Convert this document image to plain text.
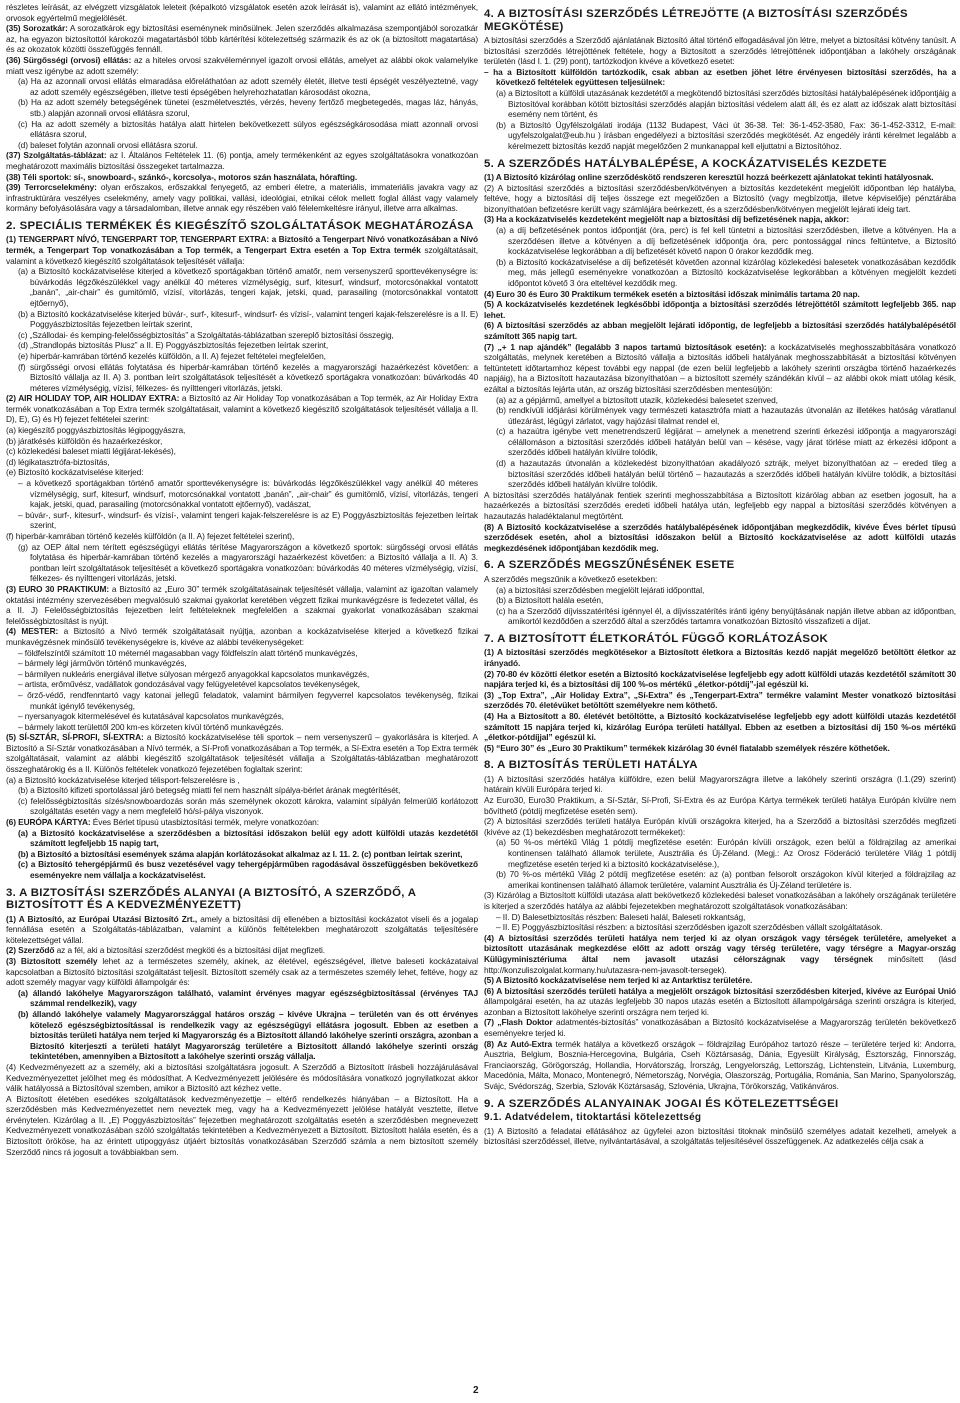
részletes leírását, az elvégzett vizsgálatok leleteit (képalkotó vizsgálatok esetén azok leírását is), valamint az ellátó intézmények, orvosok egyértelmű megjelölését.

(35) Sorozatkár: A sorozatkárok egy biztosítási eseménynek minősülnek. Jelen szerződés alkalmazása szempontjából sorozatkár az, ha egyazon biztosítottól károkozói magatartásból több kártérítési kötelezettség származik és az ok (a biztosított magatartása) és az okozatok közötti összefüggés fennáll.

(36) Sürgősségi (orvosi) ellátás: az a hiteles orvosi szakvéleménnyel igazolt orvosi ellátás, amelyet az alábbi okok valamelyike miatt vesz igénybe az adott személy:

(a) Ha az azonnali orvosi ellátás elmaradása előreláthatóan az adott személy életét, illetve testi épségét veszélyeztetné, vagy az adott személy egészségében, illetve testi épségében helyrehozhatatlan károsodást okozna,

(b) Ha az adott személy betegségének tünetei (eszméletvesztés, vérzés, heveny fertőző megbetegedés, magas láz, hányás, stb.) alapján azonnali orvosi ellátásra szorul,

(c) Ha az adott személy a biztosítás hatálya alatt hirtelen bekövetkezett súlyos egészségkárosodása miatt azonnali orvosi ellátásra szorul,

(d) baleset folytán azonnali orvosi ellátásra szorul.

(37) Szolgáltatás-táblázat: az I. Általános Feltételek 11. (6) pontja, amely termékenként az egyes szolgáltatásokra vonatkozóan meghatározott maximális biztosítási összegeket tartalmazza.

(38) Téli sportok: sí-, snowboard-, szánkó-, korcsolya-, motoros szán használata, hórafting.

(39) Terrorcselekmény: olyan erőszakos, erőszakkal fenyegető, az emberi életre, a materiális, immateriális javakra vagy az infrastruktúrára veszélyes cselekmény, amely vagy politikai, vallási, ideológiai, etnikai célok mellett foglal állást vagy valamely kormány befolyásolására vagy a társadalomban, illetve annak egy részében való félelemkeltésre irányul, illetve arra alkalmas.

2. SPECIÁLIS TERMÉKEK ÉS KIEGÉSZÍTŐ SZOLGÁLTATÁSOK MEGHATÁROZÁSA

(1) TENGERPART NÍVÓ, TENGERPART TOP, TENGERPART EXTRA: a Biztosító a Tengerpart Nívó vonatkozásában a Nívó termék, a Tengerpart Top vonatkozásában a Top termék, a Tengerpart Extra esetén a Top Extra termék szolgáltatásait, valamint a következő kiegészítő szolgáltatások teljesítését vállalja:

(a) a Biztosító kockázatviselése kiterjed a következő sportágakban történő amatőr, nem versenyszerű sporttevékenységre is: búvárkodás légzőkészülékkel vagy anélkül 40 méteres vízmélységig, surf, kitesurf, windsurf, motorcsónakkal vontatott „banán”, „air-chair” és gumitömlő, vízisí, vitorlázás, tengeri kajak, jetski, quad, parasailing (motorcsónakkal vontatott ejtőernyő),

(b) a Biztosító kockázatviselése kiterjed búvár-, surf-, kitesurf-, windsurf- és vízisí-, valamint tengeri kajak-felszerelésre is a II. E) Poggyászbiztosítás fejezetben leírtak szerint,

(c) „Szállodai- és kemping-felelősségbiztosítás” a Szolgáltatás-táblázatban szereplő biztosítási összegig,

(d) „Strandlopás biztosítás Plusz” a II. E) Poggyászbiztosítás fejezetben leírtak szerint,

(e) hiperbár-kamrában történő kezelés külföldön, a II. A) fejezet feltételei megfelelően,

(f) sürgősségi orvosi ellátás folytatása és hiperbár-kamrában történő kezelés a magyarországi hazaérkezést követően: a Biztosító vállalja az II. A) 3. pontban leírt szolgáltatások teljesítését a következő sportágakra vonatkozóan: búvárkodás 40 méteres vízmélységig, vízisí, félkezes- és nyílttengeri vitorlázás, jetski.

(2) AIR HOLIDAY TOP, AIR HOLIDAY EXTRA: a Biztosító az Air Holiday Top vonatkozásában a Top termék, az Air Holiday Extra termék vonatkozásában a Top Extra termék szolgáltatásait, valamint a következő kiegészítő szolgáltatások teljesítését vállalja a II. D), E), G) és H) fejezet feltételei szerint:

(a) kiegészítő poggyászbiztosítás légipoggyászra,

(b) járatkésés külföldön és hazaérkezéskor,

(c) közlekedési baleset miatti légijárat-lekésés),

(d) légikatasztrófa-biztosítás,

(e) Biztosító kockázatviselése kiterjed:

– a következő sportágakban történő amatőr sporttevékenységre is: búvárkodás légzőkészülékkel vagy anélkül 40 méteres vízmélységig, surf, kitesurf, windsurf, motorcsónakkal vontatott „banán”, „air-chair” és gumitömlő, vízisí, vitorlázás, tengeri kajak, jetski, quad, parasailing (motorcsónakkal vontatott ejtőernyő), vadászat,

– búvár-, surf-, kitesurf-, windsurf- és vízisí-, valamint tengeri kajak-felszerelésre is az E) Poggyászbiztosítás fejezetben leírtak szerint,

(f) hiperbár-kamrában történő kezelés külföldön (a II. A) fejezet feltételei szerint),

(g) az OEP által nem térített egészségügyi ellátás térítése Magyarországon a következő sportok: sürgősségi orvosi ellátás folytatása és hiperbár-kamrában történő kezelés a magyarországi hazaérkezést követően: a Biztosító vállalja a II. A) 3. pontban leírt szolgáltatások teljesítését a következő sportágakra vonatkozóan: búvárkodás 40 méteres vízmélységig, vízisí, félkezes- és nyílttengeri vitorlázás, jetski.

(3) EURO 30 PRAKTIKUM: a Biztosító az „Euro 30” termék szolgáltatásainak teljesítését vállalja, valamint az igazoltan valamely oktatási intézmény szervezésében megvalósuló szakmai gyakorlat keretében végzett fizikai munkavégzésre is fedezetet vállal, és a II. J) Felelősségbiztosítás fejezetben leírt feltételeknek megfelelően a szakmai gyakorlat vonatkozásában szakmai felelősségbiztosítást is nyújt.

(4) MESTER: a Biztosító a Nívó termék szolgáltatásait nyújtja, azonban a kockázatviselése kiterjed a következő fizikai munkavégzésnek minősülő tevékenységekre is, kivéve az alábbi tevékenységeket:

– földfelszíntől számított 10 méternél magasabban vagy földfelszín alatt történő munkavégzés,

– bármely légi járművön történő munkavégzés,

– bármilyen nukleáris energiával illetve súlyosan mérgező anyagokkal kapcsolatos munkavégzés,

– artista, erőművész, vadállatok gondozásával vagy felügyeletével kapcsolatos tevékenységek,

– őrző-védő, rendfenntartó vagy katonai jellegű feladatok, valamint bármilyen fegyverrel kapcsolatos tevékenység, fizikai munkát igénylő tevékenység,

– nyersanyagok kitermelésével és kutatásával kapcsolatos munkavégzés,

– bármely lakott területtől 200 km-es körzeten kívül történő munkavégzés.

(5) SÍ-SZTÁR, SÍ-PROFI, SÍ-EXTRA: a Biztosító kockázatviselése téli sportok – nem versenyszerű – gyakorlására is kiterjed. A Biztosító a Sí-Sztár vonatkozásában a Nívó termék, a Sí-Profi vonatkozásában a Top termék, a Sí-Extra esetén a Top Extra termék szolgáltatásait, valamint az alábbi kiegészítő szolgáltatások teljesítését vállalja a Szolgáltatás-táblázatban meghatározott összeghatárokig és a II. Különös feltételek vonatkozó fejezetében foglaltak szerint:

(a) a Biztosító kockázatviselése kiterjed télisport-felszerelésre is ,

(b) a Biztosító kifizeti sportolással járó betegség miatti fel nem használt sípálya-bérlet árának megtérítését,

(c) felelősségbiztosítás sízés/snowboardozás során más személynek okozott károkra, valamint sípályán felmerülő korlátozott szolgáltatás esetén vagy a nem megfelelő hó/sí-pálya viszonyok.

(6) EURÓPA KÁRTYA: Éves Bérlet típusú utasbiztosítási termék, melyre vonatkozóan:

(a) a Biztosító kockázatviselése a szerződésben a biztosítási időszakon belül egy adott külföldi utazás kezdetétől számított legfeljebb 15 napig tart,

(b) a Biztosító a biztosítási események száma alapján korlátozásokat alkalmaz az I. 11. 2. (c) pontban leírtak szerint,

(c) a Biztosító tehergépjármű és busz vezetésével vagy tehergépjárműben ragodásával összefüggésben bekövetkező eseményekre nem vállalja a kockázatviselést.

3. A BIZTOSÍTÁSI SZERZŐDÉS ALANYAI (A BIZTOSÍTÓ, A SZERZŐDŐ, A BIZTOSÍTOTT ÉS A KEDVEZMÉNYEZETT)

(1) A Biztosító, az Európai Utazási Biztosító Zrt., amely a biztosítási díj ellenében a biztosítási kockázatot viseli és a jogalap fennállása esetén a Szolgáltatás-táblázatban, valamint a különös feltételekben meghatározott szolgáltatás teljesítésére kötelezettséget vállal.

(2) Szerződő az a fél, aki a biztosítási szerződést megköti és a biztosítási díjat megfizeti.

(3) Biztosított személy lehet az a természetes személy, akinek, az életével, egészségével, illetve baleseti kockázataival kapcsolatban a Biztosító biztosítási szolgáltatást teljesít. Biztosított személy csak az a természetes személy lehet, feltéve, hogy az adott személy magyar vagy külföldi állampolgár és:

(a) állandó lakóhelye Magyarországon található, valamint érvényes magyar egészségbiztosítással (érvényes TAJ számmal rendelkezik), vagy

(b) állandó lakóhelye valamely Magyarországgal határos ország – kivéve Ukrajna – területén van és ott érvényes kötelező egészségbiztosítással is rendelkezik vagy az egészségügyi ellátásra jogosult. Ebben az esetben a biztosítás területi hatálya nem terjed ki Magyarország és a Biztosított állandó lakóhelye szerinti országra, azonban a Biztosító kiterjeszti a területi hatályt Magyarország területére a Biztosított állandó lakóhelye szerinti ország tekintetében, amennyiben a Biztosított a lakóhelye szerinti ország vállalja.

(4) Kedvezményezett az a személy, aki a biztosítási szolgáltatásra jogosult. A Szerződő a Biztosított írásbeli hozzájárulásával Kedvezményezettet jelölhet meg és módosíthat. A Kedvezményezett jelölésére és módosítására vonatkozó jognyilatkozat akkor válik hatályossá a Biztosítóval szemben, amikor a Biztosító azt kézhez vette.

A Biztosított életében esedékes szolgáltatások kedvezményezettje – eltérő rendelkezés hiányában – a Biztosított. Ha a szerződésben más Kedvezményezettet nem neveztek meg, vagy ha a Kedvezményezett jelölése hatályát vesztette, illetve érvénytelen. Kizárólag a II. „E) Poggyászbiztosítás” fejezetben meghatározott szolgáltatás esetén a szerződésben megnevezett Kedvezményezett vonatkozásában szóló szolgáltatás tekintetében a Kedvezményezett a Biztosított. Biztosított halála esetén, és a Biztosított örököse, ha az érintett utipoggyász útjáért biztosítás vonatkozásában Szerződő számla a nem biztosított személy Szerződő nincs rá jogosult a továbbiakban sem.

4. A BIZTOSÍTÁSI SZERZŐDÉS LÉTREJÖTTE (A BIZTOSÍTÁSI SZERZŐDÉS MEGKÖTÉSE)

A biztosítási szerződés a Szerződő ajánlatának Biztosító által történő elfogadásával jön létre, melyet a biztosítási kötvény tanúsít. A biztosítási szerződés létrejöttének feltétele, hogy a Biztosított a szerződés létrejöttének időpontjában a lakóhely országának területén (lásd I. 1. (29) pont), tartózkodjon kivéve a következő esetet:

– ha a Biztosított külföldön tartózkodik, csak abban az esetben jöhet létre érvényesen biztosítási szerződés, ha a következő feltételek együttesen teljesülnek:

(a) a Biztosított a külföldi utazásának kezdetétől a megkötendő biztosítási szerződés biztosítási hatálybalépésének időpontjáig a Biztosítóval korábban kötött biztosítási szerződés alapján biztosítási védelem alatt áll, és ez alatt az időszak alatt biztosítási esemény nem történt, és

(b) a Biztosító Ügyfélszolgálati irodája (1132 Budapest, Váci út 36-38. Tel: 36-1-452-3580, Fax: 36-1-452-3312, E-mail: ugyfelszolgalat@eub.hu ) írásban engedélyezi a biztosítási szerződés megkötését. Az engedély iránti kérelmet legalább a kérelmezett biztosítás kezdő napját megelőzően 2 munkanappal kell eljuttatni a Biztosítóhoz.

5. A SZERZŐDÉS HATÁLYBALÉPÉSE, A KOCKÁZATVISELÉS KEZDETE

(1) A Biztosító kizárólag online szerződéskötő rendszeren keresztül hozzá beérkezett ajánlatokat tekinti hatályosnak.

(2) A biztosítási szerződés a biztosítási szerződésben/kötvényen a biztosítás kezdeteként megjelölt időpontban lép hatályba, feltéve, hogy a biztosítási díj teljes összege ezt megelőzően a Biztosító (vagy megbízottja, illetve képviselője) pénztárába bizonyíthatóan befizetésre került vagy számlájára beérkezett, és a szerződésben/kötvényen megjelölt lejárati ideig tart.

(3) Ha a kockázatviselés kezdeteként megjelölt nap a biztosítási díj befizetésének napja, akkor:

(a) a díj befizetésének pontos időpontját (óra, perc) is fel kell tüntetni a biztosítási szerződésben, illetve a kötvényen. Ha a szerződésen illetve a kötvényen a díj befizetésének időpontja óra, perc pontossággal nincs feltüntetve, a Biztosító kockázatviselése legkorábban a díj befizetését követő napon 0 órakor kezdődik meg.

(b) a Biztosító kockázatviselése a díj befizetését követően azonnal kizárólag közlekedési balesetek vonatkozásában kezdődik meg, más jellegű eseményekre vonatkozóan a Biztosító kockázatviselése legkorábban a kötvényen megjelölt kezdeti időpontot követő 3 óra elteltével kezdődik meg.

(4) Euro 30 és Euro 30 Praktikum termékek esetén a biztosítási időszak minimális tartama 20 nap.

(5) A kockázatviselés kezdetének legkésőbbi időpontja a biztosítási szerződés létrejöttétől számított legfeljebb 365. nap lehet.

(6) A biztosítási szerződés az abban megjelölt lejárati időpontig, de legfeljebb a biztosítási szerződés hatálybalépésétől számított 365 napig tart.

(7) „+ 1 nap ajándék” (legalább 3 napos tartamú biztosítások esetén): a kockázatviselés meghosszabbítására vonatkozó szolgáltatás, melynek keretében a Biztosító vállalja a biztosítás időbeli hatályának meghosszabbítását a biztosítási kötvényen feltüntetett időtartamhoz képest további egy nappal (de ezen belül legfeljebb a lakóhely szerinti országba történő hazaérkezés napjáig), ha a Biztosított hazautazása bizonyíthatóan – a biztosított személy szándékán kívül – az alábbi okok miatt utólag késik, ezáltal a biztosítás lejárta után, az ország biztosítási szerződésben mentesüljön:

(a) az a gépjármű, amellyel a biztosított utazik, közlekedési balesetet szenved,

(b) rendkívüli időjárási körülmények vagy természeti katasztrófa miatt a hazautazás útvonalán az illetékes hatóság váratlanul útlezárást, légügyi zárlatot, vagy hajózási tilalmat rendel el,

(c) a hazaútra igénybe vett menetrendszerű légijárat – amelynek a menetrend szerinti érkezési időpontja a magyarországi célállomáson a biztosítási szerződés időbeli hatályán belül van – késése, vagy járat törlése miatt az érkezési időpont a szerződés időbeli hatályán kívülre tolódik,

(d) a hazautazás útvonalán a közlekedést bizonyíthatóan akadályozó sztrájk, melyet bizonyíthatóan az – ereded tileg a biztosítási szerződés időbeli hatályán belül történő – hazautazás a szerződés időbeli hatályán kívülre tolódik, a biztosítási szerződés időbeli hatályán kívülre tolódik.

A biztosítási szerződés hatályának fentiek szerinti meghosszabbítása a Biztosított kizárólag abban az esetben jogosult, ha a hazaérkezés a biztosítási szerződés eredeti időbeli hatálya után, legfeljebb egy nappal a biztosítási szerződés kötvényen a hazautazás haladéktalanul megtörtént.

(8) A Biztosító kockázatviselése a szerződés hatálybalépésének időpontjában megkezdődik, kivéve Éves bérlet típusú szerződések esetén, ahol a biztosítási időszakon belül a Biztosító kockázatviselése az adott külföldi utazás megkezdésének időpontjában kezdődik meg.

6. A SZERZŐDÉS MEGSZŰNÉSÉNEK ESETE

A szerződés megszűnik a következő esetekben:

(a) a biztosítási szerződésben megjelölt lejárati időponttal,

(b) a Biztosított halála esetén,

(c) ha a Szerződő díjvisszatérítési igénnyel él, a díjvisszatérítés iránti igény benyújtásának napján illetve abban az időpontban, amikortól kezdődően a szerződő által a szerződés tartamra vonatkozóan Biztosító visszafizeti a díjat.

7. A BIZTOSÍTOTT ÉLETKORÁTÓL FÜGGŐ KORLÁTOZÁSOK

(1) A biztosítási szerződés megkötésekor a Biztosított életkora a Biztosítás kezdő napját megelőző betöltött életkor az irányadó.

(2) 70-80 év közötti életkor esetén a Biztosító kockázatviselése legfeljebb egy adott külföldi utazás kezdetétől számított 30 napjára terjed ki, és a biztosítási díj 100 %-os mértékű „életkor-pótdíj”-jal egészül ki.

(3) „Top Extra”, „Air Holiday Extra”, „Sí-Extra” és „Tengerpart-Extra” termékre valamint Mester vonatkozó biztosítási szerződés 70. életévüket betöltött személyekre nem köthető.

(4) Ha a Biztosított a 80. életévét betöltötte, a Biztosító kockázatviselése legfeljebb egy adott külföldi utazás kezdetétől számított 15 napjára terjed ki, kizárólag Európa területi hatállyal. Ebben az esetben a biztosítási díj 150 %-os mértékű „életkor-pótdíjjal” egészül ki.

(5) “Euro 30” és „Euro 30 Praktikum” termékek kizárólag 30 évnél fiatalabb személyek részére köthetőek.

8. A BIZTOSÍTÁS TERÜLETI HATÁLYA

(1) A biztosítási szerződés hatálya külföldre, ezen belül Magyarországra illetve a lakóhely szerinti országra (I.1.(29) szerint) határain kívüli Európára terjed ki.

Az Euro30, Euro30 Praktikum, a Sí-Sztár, Sí-Profi, Sí-Extra és az Európa Kártya termékek területi hatálya Európán kívülre nem bővíthető (pótdíj megfizetése esetén sem).

(2) A biztosítási szerződés területi hatálya Európán kívüli országokra kiterjed, ha a Szerződő a biztosítási szerződés megfizeti (kivéve az (1) bekezdésben meghatározott termékeket):

(a) 50 %-os mértékű Világ 1 pótdíj megfizetése esetén: Európán kívüli országok, ezen belül a földrajzilag az amerikai kontinensen található államok területe, Ausztrália és Új-Zéland. (Megj.: Az Orosz Föderáció területére Világ 1 pótdíj megfizetése esetén terjed ki a biztosító kockázatviselése.),

(b) 70 %-os mértékű Világ 2 pótdíj megfizetése esetén: az (a) pontban felsorolt országokon kívül kiterjed a földrajzilag az amerikai kontinensen található államok területére, valamint Ausztrália és Új-Zéland területére is.

(3) Kizárólag a Biztosított külföldi utazása alatt bekövetkező közlekedési baleset vonatkozásában a lakóhely országának területére is kiterjed a szerződés hatálya az alábbi fejezetekben meghatározott szolgáltatások vonatkozásában:

– II. D) Balesetbiztosítás részben: Baleseti halál, Baleseti rokkantság,

– II. E) Poggyászbiztosítási részben: a biztosítási szerződésben igazolt szerződésben vállalt szolgáltatások.

(4) A biztosítási szerződés területi hatálya nem terjed ki az olyan országok vagy térségek területére, amelyeket a biztosított utazásának megkezdése előtt az adott ország vagy térség területére, vagy térségre a Magyar-ország Külügyminisztériuma által nem javasolt utazási célországnak vagy térségnek minősített (lásd http://konzuliszolgalat.kormany.hu/utazasra-nem-javasolt-tersegek).

(5) A Biztosító kockázatviselése nem terjed ki az Antarktisz területére.

(6) A biztosítási szerződés területi hatálya a megjelölt országok biztosítási szerződésben kiterjed, kivéve az Európai Unió állampolgárai esetén, ha az utazás legfeljebb 30 napos utazás esetén a Biztosított állampolgársága szerinti országra is kiterjed, azonban a Biztosított lakóhelye szerinti országra nem terjed ki.

(7) „Flash Doktor adatmentés-biztosítás” vonatkozásában a Biztosító kockázatviselése a Magyarország területén bekövetkező eseményekre terjed ki.

(8) Az Autó-Extra termék hatálya a következő országok – földrajzilag Európához tartozó része – területére terjed ki: Andorra, Ausztria, Belgium, Bosznia-Hercegovina, Bulgária, Cseh Köztársaság, Dánia, Egyesült Királyság, Észtország, Finnország, Franciaország, Görögország, Hollandia, Horvátország, Írország, Lengyelország, Lettország, Lichtenstein, Litvánia, Luxemburg, Macedónia, Málta, Monaco, Montenegró, Németország, Norvégia, Olaszország, Portugália, Románia, San Marino, Spanyolország, Svájc, Svédország, Szerbia, Szlovák Köztársaság, Szlovénia, Ukrajna, Törökország, Vatikánváros.

9. A SZERZŐDÉS ALANYAINAK JOGAI ÉS KÖTELEZETTSÉGEI
9.1. Adatvédelem, titoktartási kötelezettség

(1) A Biztosító a feladatai ellátásához az ügyfelei azon biztosítási titoknak minősülő személyes adatait kezelheti, amelyek a biztosítási szerződéssel, illetve, nyilvántartásával, a szolgáltatás teljesítésével összefüggenek. Az adatkezelés célja csak a

2
